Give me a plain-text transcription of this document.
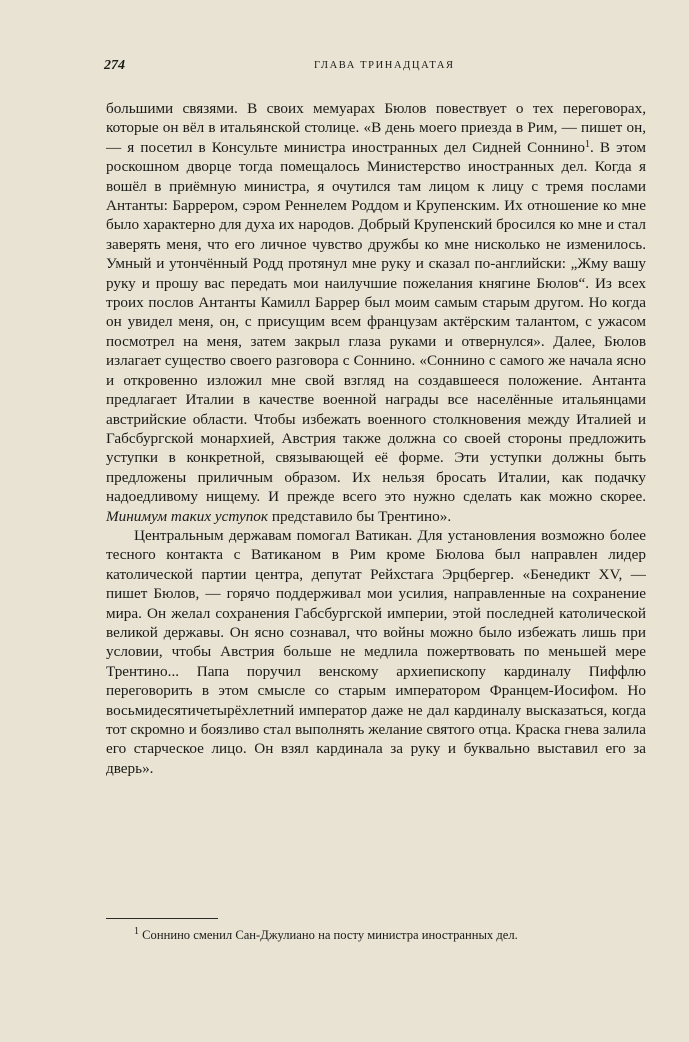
274	ГЛАВА ТРИНАДЦАТАЯ

большими связями. В своих мемуарах Бюлов повествует о тех переговорах, которые он вёл в итальянской столице. «В день моего приезда в Рим, — пишет он, — я посетил в Консульте министра иностранных дел Сидней Соннино$^1$. В этом роскошном дворце тогда помещалось Министерство иностранных дел. Когда я вошёл в приёмную министра, я очутился там лицом к лицу с тремя послами Антанты: Баррером, сэром Реннелем Роддом и Крупенским. Их отношение ко мне было характерно для духа их народов. Добрый Крупенский бросился ко мне и стал заверять меня, что его личное чувство дружбы ко мне нисколько не изменилось. Умный и утончённый Родд протянул мне руку и сказал по-английски: „Жму вашу руку и прошу вас передать мои наилучшие пожелания княгине Бюлов“. Из всех троих послов Антанты Камилл Баррер был моим самым старым другом. Но когда он увидел меня, он, с присущим всем французам актёрским талантом, с ужасом посмотрел на меня, затем закрыл глаза руками и отвернулся». Далее, Бюлов излагает существо своего разговора с Соннино. «Соннино с самого же начала ясно и откровенно изложил мне свой взгляд на создавшееся положение. Антанта предлагает Италии в качестве военной награды все населённые итальянцами австрийские области. Чтобы избежать военного столкновения между Италией и Габсбургской монархией, Австрия также должна со своей стороны предложить уступки в конкретной, связывающей её форме. Эти уступки должны быть предложены приличным образом. Их нельзя бросать Италии, как подачку надоедливому нищему. И прежде всего это нужно сделать как можно скорее. Минимум таких уступок представило бы Трентино».

Центральным державам помогал Ватикан. Для установления возможно более тесного контакта с Ватиканом в Рим кроме Бюлова был направлен лидер католической партии центра, депутат Рейхстага Эрцбергер. «Бенедикт XV, — пишет Бюлов, — горячо поддерживал мои усилия, направленные на сохранение мира. Он желал сохранения Габсбургской империи, этой последней католической великой державы. Он ясно сознавал, что войны можно было избежать лишь при условии, чтобы Австрия больше не медлила пожертвовать по меньшей мере Трентино... Папа поручил венскому архиепископу кардиналу Пиффлю переговорить в этом смысле со старым императором Францем-Иосифом. Но восьмидесятичетырёхлетний император даже не дал кардиналу высказаться, когда тот скромно и боязливо стал выполнять желание святого отца. Краска гнева залила его старческое лицо. Он взял кардинала за руку и буквально выставил его за дверь».

$^1$ Соннино сменил Сан-Джулиано на посту министра иностранных дел.
